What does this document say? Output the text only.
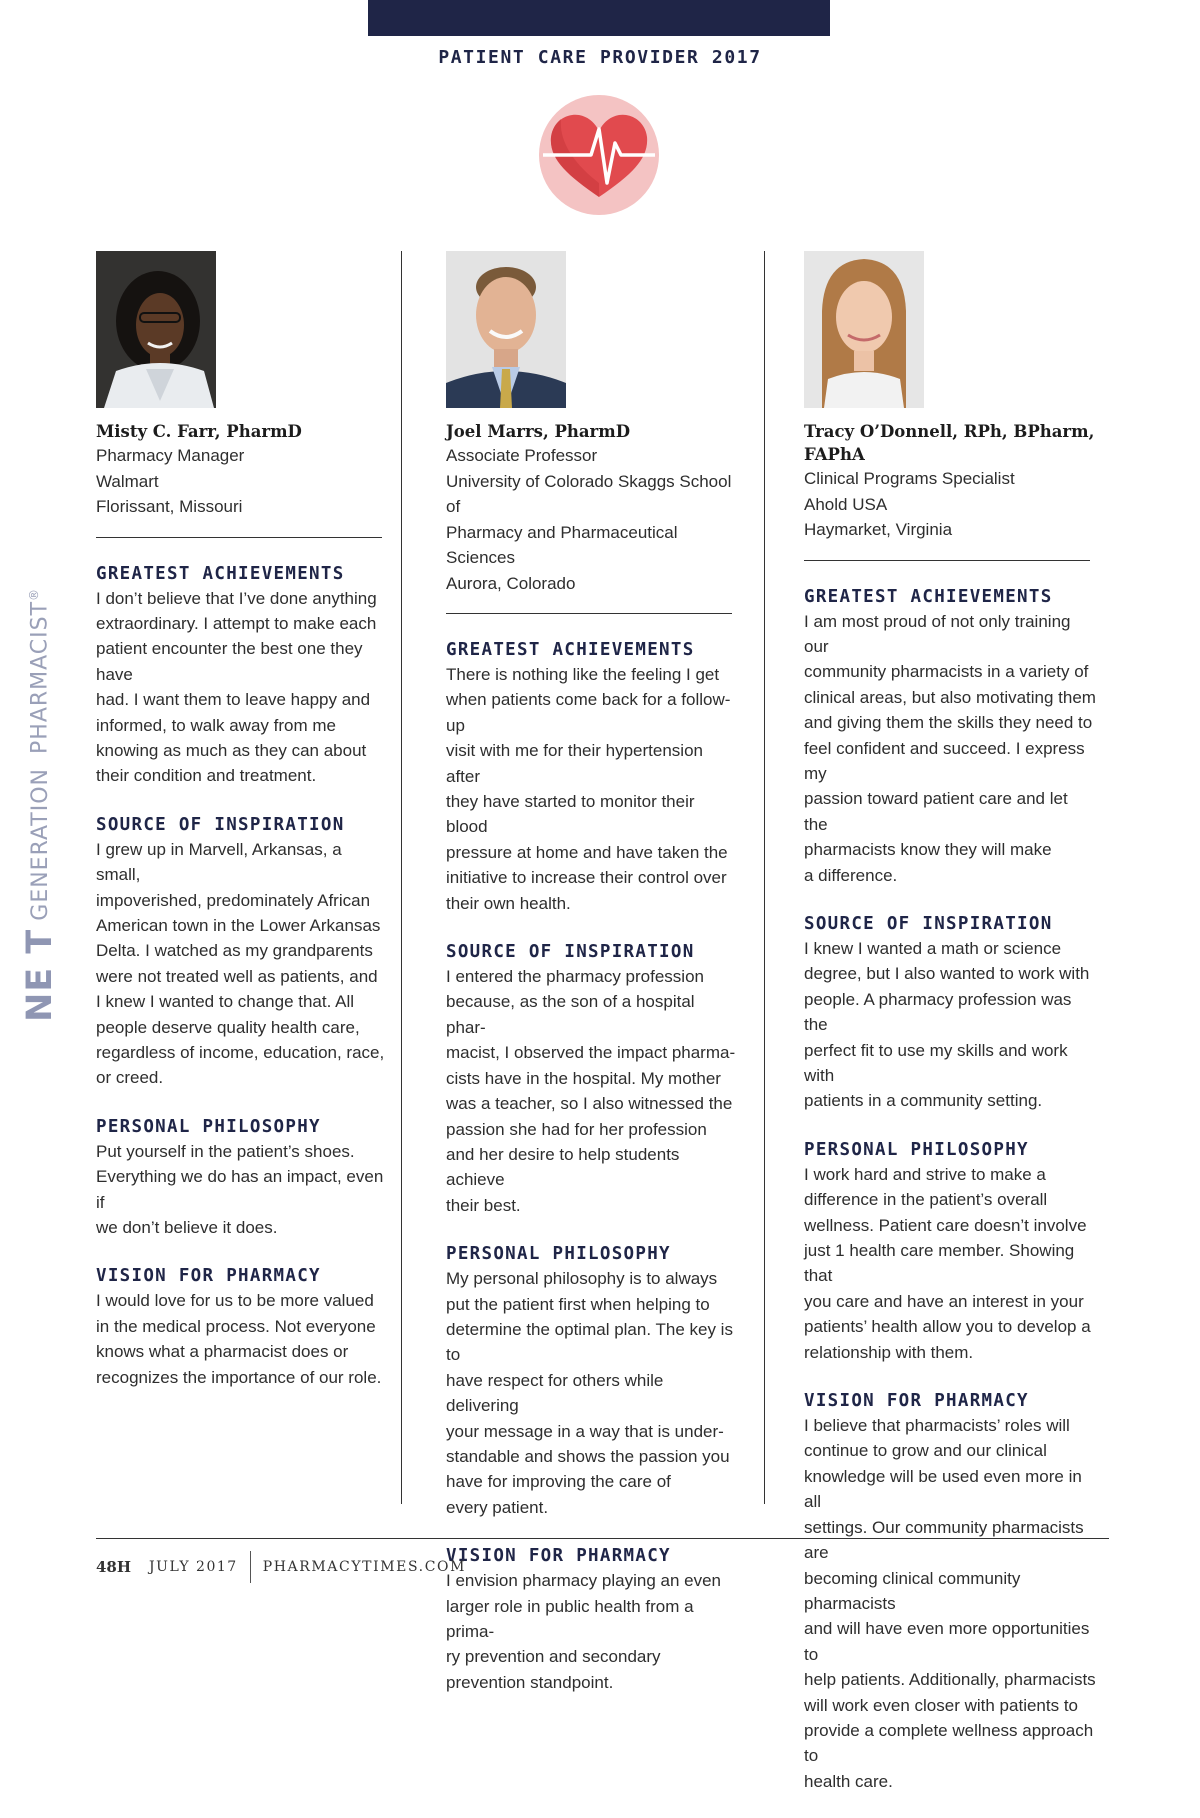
PATIENT CARE PROVIDER 2017
NE T
GENERATION
PHARMACIST®
Misty C. Farr, PharmD
Pharmacy Manager
Walmart
Florissant, Missouri
GREATEST ACHIEVEMENTS
I don’t believe that I’ve done anything
extraordinary. I attempt to make each
patient encounter the best one they have
had. I want them to leave happy and
informed, to walk away from me
knowing as much as they can about
their condition and treatment.
SOURCE OF INSPIRATION
I grew up in Marvell, Arkansas, a small,
impoverished, predominately African
American town in the Lower Arkansas
Delta. I watched as my grandparents
were not treated well as patients, and
I knew I wanted to change that. All
people deserve quality health care,
regardless of income, education, race,
or creed.
PERSONAL PHILOSOPHY
Put yourself in the patient’s shoes.
Everything we do has an impact, even if
we don’t believe it does.
VISION FOR PHARMACY
I would love for us to be more valued
in the medical process. Not everyone
knows what a pharmacist does or
recognizes the importance of our role.
Joel Marrs, PharmD
Associate Professor
University of Colorado Skaggs School of
Pharmacy and Pharmaceutical Sciences
Aurora, Colorado
GREATEST ACHIEVEMENTS
There is nothing like the feeling I get
when patients come back for a follow-up
visit with me for their hypertension after
they have started to monitor their blood
pressure at home and have taken the
initiative to increase their control over
their own health.
SOURCE OF INSPIRATION
I entered the pharmacy profession
because, as the son of a hospital phar-
macist, I observed the impact pharma-
cists have in the hospital. My mother
was a teacher, so I also witnessed the
passion she had for her profession
and her desire to help students achieve
their best.
PERSONAL PHILOSOPHY
My personal philosophy is to always
put the patient first when helping to
determine the optimal plan. The key is to
have respect for others while delivering
your message in a way that is under-
standable and shows the passion you
have for improving the care of
every patient.
VISION FOR PHARMACY
I envision pharmacy playing an even
larger role in public health from a prima-
ry prevention and secondary
prevention standpoint.
Tracy O’Donnell, RPh, BPharm,
FAPhA
Clinical Programs Specialist
Ahold USA
Haymarket, Virginia
GREATEST ACHIEVEMENTS
I am most proud of not only training our
community pharmacists in a variety of
clinical areas, but also motivating them
and giving them the skills they need to
feel confident and succeed. I express my
passion toward patient care and let the
pharmacists know they will make
a difference.
SOURCE OF INSPIRATION
I knew I wanted a math or science
degree, but I also wanted to work with
people. A pharmacy profession was the
perfect fit to use my skills and work with
patients in a community setting.
PERSONAL PHILOSOPHY
I work hard and strive to make a
difference in the patient’s overall
wellness. Patient care doesn’t involve
just 1 health care member. Showing that
you care and have an interest in your
patients’ health allow you to develop a
relationship with them.
VISION FOR PHARMACY
I believe that pharmacists’ roles will
continue to grow and our clinical
knowledge will be used even more in all
settings. Our community pharmacists are
becoming clinical community pharmacists
and will have even more opportunities to
help patients. Additionally, pharmacists
will work even closer with patients to
provide a complete wellness approach to
health care.
48H JULY 2017 PHARMACYTIMES.COM
